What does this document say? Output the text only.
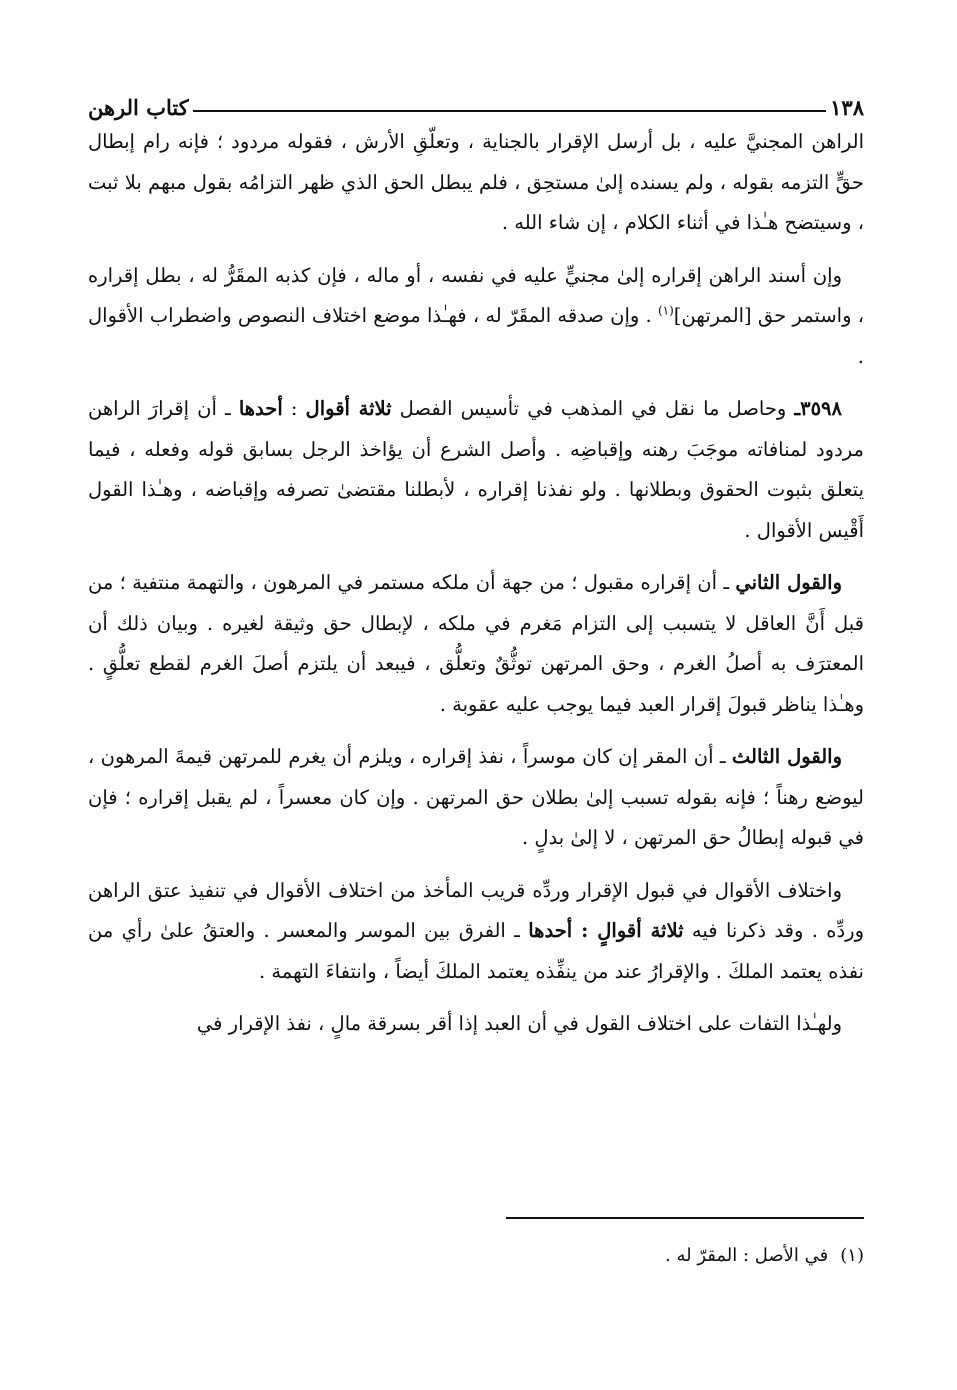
١٣٨
كتاب الرهن

الراهن المجنيَّ عليه ، بل أرسل الإقرار بالجناية ، وتعلّقِ الأرش ، فقوله مردود ؛ فإنه رام إبطال حقٍّ التزمه بقوله ، ولم يسنده إلىٰ مستحِق ، فلم يبطل الحق الذي ظهر التزامُه بقول مبهم بلا ثبت ، وسيتضح هـٰذا في أثناء الكلام ، إن شاء الله .

وإن أسند الراهن إقراره إلىٰ مجنيٍّ عليه في نفسه ، أو ماله ، فإن كذبه المقَرُّ له ، بطل إقراره ، واستمر حق [المرتهن]$^{(١)}$ . وإن صدقه المقَرّ له ، فهـٰذا موضع اختلاف النصوص واضطراب الأقوال .

٣٥٩٨ـ وحاصل ما نقل في المذهب في تأسيس الفصل ثلاثة أقوال : أحدها ـ أن إقرارَ الراهن مردود لمنافاته موجَبَ رهنه وإقباضِه . وأصل الشرع أن يؤاخذ الرجل بسابق قوله وفعله ، فيما يتعلق بثبوت الحقوق وبطلانها . ولو نفذنا إقراره ، لأبطلنا مقتضىٰ تصرفه وإقباضه ، وهـٰذا القول أَقْيس الأقوال .

والقول الثاني ـ أن إقراره مقبول ؛ من جهة أن ملكه مستمر في المرهون ، والتهمة منتفية ؛ من قبل أَنَّ العاقل لا يتسبب إلى التزام مَغرم في ملكه ، لإبطال حق وثيقة لغيره . وبيان ذلك أن المعترَف به أصلُ الغرم ، وحق المرتهن توثُّقٌ وتعلُّق ، فيبعد أن يلتزم أصلَ الغرم لقطع تعلُّقٍ . وهـٰذا يناظر قبولَ إقرار العبد فيما يوجب عليه عقوبة .

والقول الثالث ـ أن المقر إن كان موسراً ، نفذ إقراره ، ويلزم أن يغرم للمرتهن قيمةَ المرهون ، ليوضع رهناً ؛ فإنه بقوله تسبب إلىٰ بطلان حق المرتهن . وإن كان معسراً ، لم يقبل إقراره ؛ فإن في قبوله إبطالُ حق المرتهن ، لا إلىٰ بدلٍ .

واختلاف الأقوال في قبول الإقرار وردِّه قريب المأخذ من اختلاف الأقوال في تنفيذ عتق الراهن وردِّه . وقد ذكرنا فيه ثلاثة أقوالٍ : أحدها ـ الفرق بين الموسر والمعسر . والعتقُ علىٰ رأي من نفذه يعتمد الملكَ . والإقرارُ عند من ينفِّذه يعتمد الملكَ أيضاً ، وانتفاءَ التهمة .

ولهـٰذا التفات على اختلاف القول في أن العبد إذا أقر بسرقة مالٍ ، نفذ الإقرار في

(١)في الأصل : المقرّ له .
